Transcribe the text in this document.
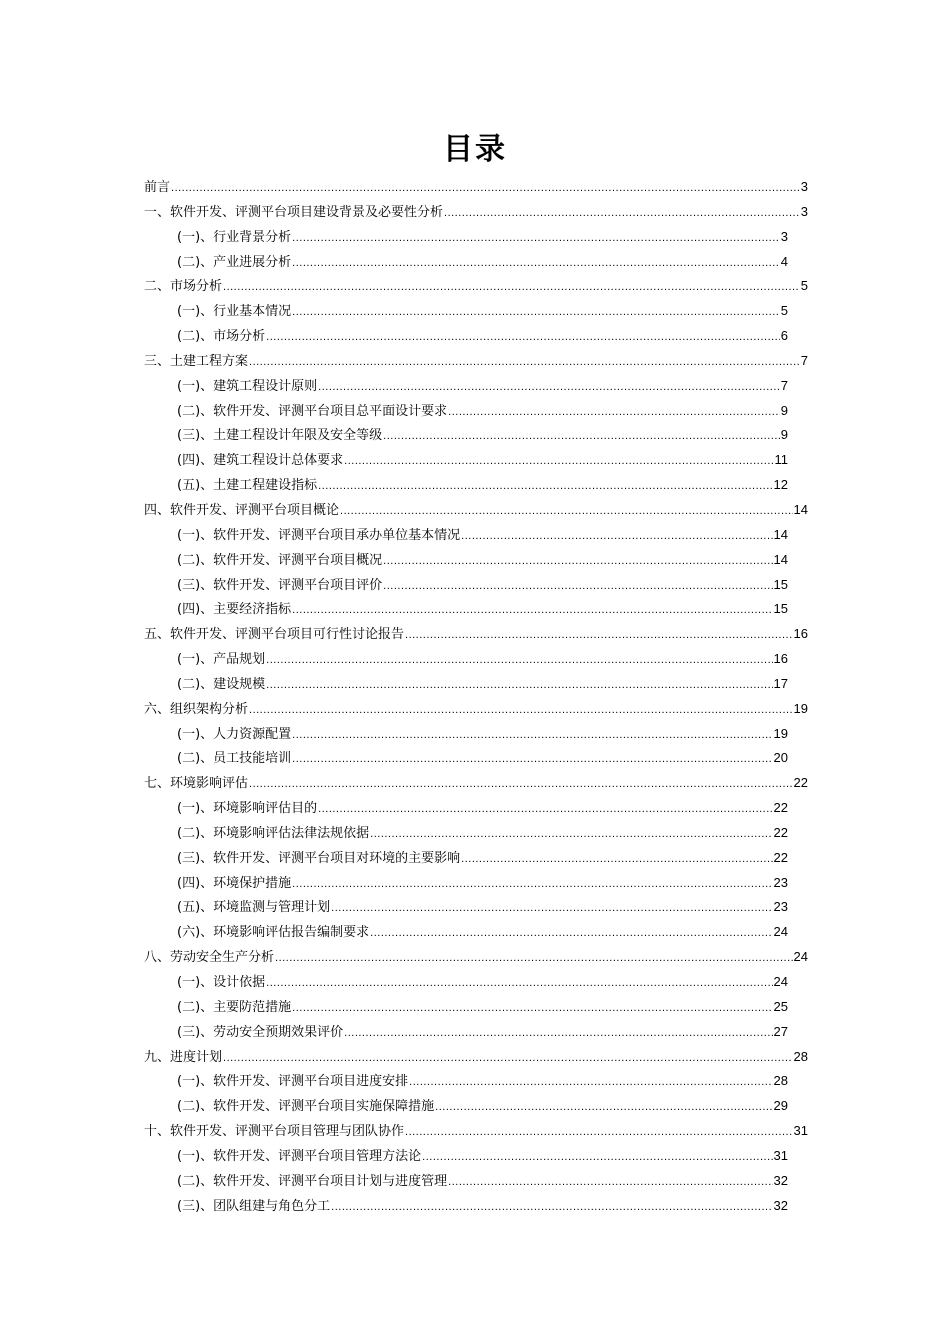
目录
前言 .....	3
一、软件开发、评测平台项目建设背景及必要性分析 .....	3
(一)、行业背景分析 .....	3
(二)、产业进展分析 .....	4
二、市场分析 .....	5
(一)、行业基本情况 .....	5
(二)、市场分析 .....	6
三、土建工程方案 .....	7
(一)、建筑工程设计原则 .....	7
(二)、软件开发、评测平台项目总平面设计要求 .....	9
(三)、土建工程设计年限及安全等级 .....	9
(四)、建筑工程设计总体要求 .....	11
(五)、土建工程建设指标 .....	12
四、软件开发、评测平台项目概论 .....	14
(一)、软件开发、评测平台项目承办单位基本情况 .....	14
(二)、软件开发、评测平台项目概况 .....	14
(三)、软件开发、评测平台项目评价 .....	15
(四)、主要经济指标 .....	15
五、软件开发、评测平台项目可行性讨论报告 .....	16
(一)、产品规划 .....	16
(二)、建设规模 .....	17
六、组织架构分析 .....	19
(一)、人力资源配置 .....	19
(二)、员工技能培训 .....	20
七、环境影响评估 .....	22
(一)、环境影响评估目的 .....	22
(二)、环境影响评估法律法规依据 .....	22
(三)、软件开发、评测平台项目对环境的主要影响 .....	22
(四)、环境保护措施 .....	23
(五)、环境监测与管理计划 .....	23
(六)、环境影响评估报告编制要求 .....	24
八、劳动安全生产分析 .....	24
(一)、设计依据 .....	24
(二)、主要防范措施 .....	25
(三)、劳动安全预期效果评价 .....	27
九、进度计划 .....	28
(一)、软件开发、评测平台项目进度安排 .....	28
(二)、软件开发、评测平台项目实施保障措施 .....	29
十、软件开发、评测平台项目管理与团队协作 .....	31
(一)、软件开发、评测平台项目管理方法论 .....	31
(二)、软件开发、评测平台项目计划与进度管理 .....	32
(三)、团队组建与角色分工 .....	32
